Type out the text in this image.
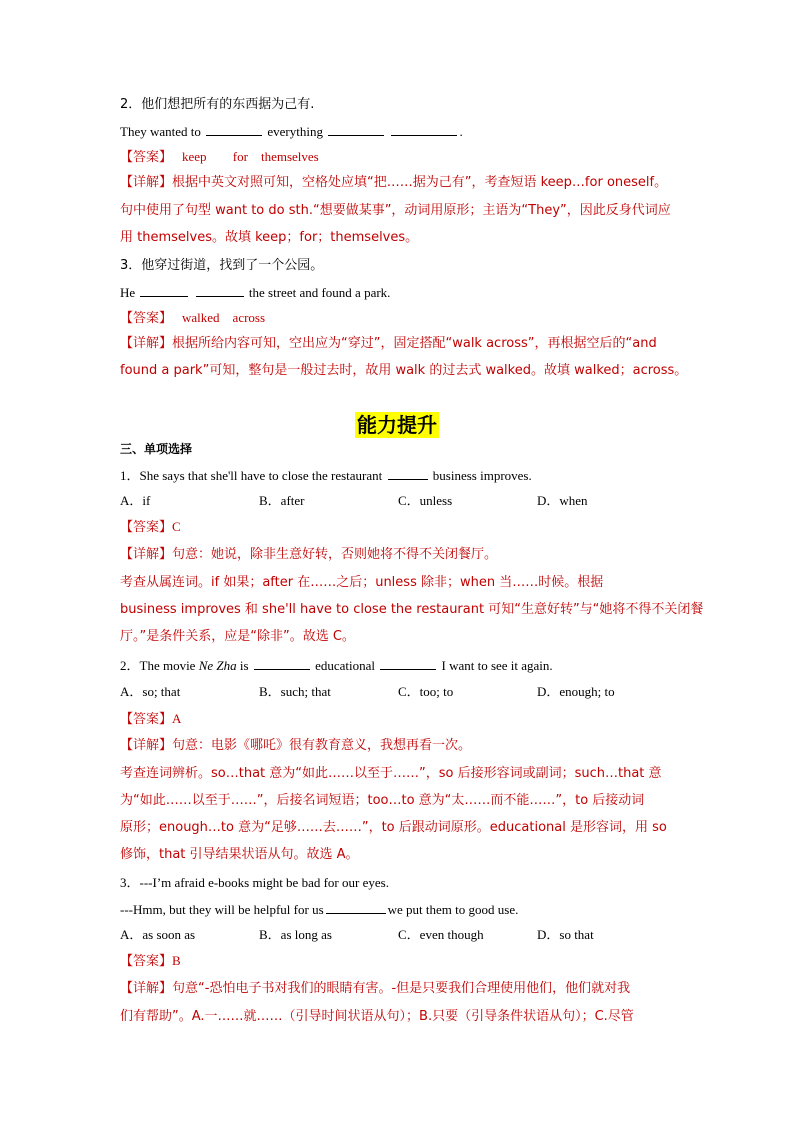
2．他们想把所有的东西据为己有.
They wanted to	everything	.
【答案】 keep　 for　themselves
【详解】根据中英文对照可知，空格处应填“把……据为己有”，考查短语 keep…for oneself。
句中使用了句型 want to do sth.“想要做某事”，动词用原形；主语为“They”，因此反身代词应
用 themselves。故填 keep；for；themselves。
3．他穿过街道，找到了一个公园。
He	the street and found a park.
【答案】 walked　across
【详解】根据所给内容可知，空出应为“穿过”，固定搭配“walk across”，再根据空后的“and
found a park”可知，整句是一般过去时，故用 walk 的过去式 walked。故填 walked；across。
能力提升
三、单项选择
1．She says that she'll have to close the restaurant	business improves.
A．if	B．after	C．unless	D．when
【答案】C
【详解】句意：她说，除非生意好转，否则她将不得不关闭餐厅。
考查从属连词。if 如果；after 在……之后；unless 除非；when 当……时候。根据
business improves 和 she'll have to close the restaurant 可知“生意好转”与“她将不得不关闭餐
厅。”是条件关系，应是“除非”。故选 C。
2．The movie Ne Zha is	educational	I want to see it again.
A．so; that	B．such; that	C．too; to	D．enough; to
【答案】A
【详解】句意：电影《哪吒》很有教育意义，我想再看一次。
考查连词辨析。so…that 意为“如此……以至于……”，so 后接形容词或副词；such…that 意
为“如此……以至于……”，后接名词短语；too…to 意为“太……而不能……”，to 后接动词
原形；enough…to 意为“足够……去……”，to 后跟动词原形。educational 是形容词，用 so
修饰，that 引导结果状语从句。故选 A。
3．---I’m afraid e-books might be bad for our eyes.
---Hmm, but they will be helpful for us	we put them to good use.
A．as soon as	B．as long as	C．even though	D．so that
【答案】B
【详解】句意“-恐怕电子书对我们的眼睛有害。-但是只要我们合理使用他们，他们就对我
们有帮助”。A.一……就……（引导时间状语从句）；B.只要（引导条件状语从句）；C.尽管
